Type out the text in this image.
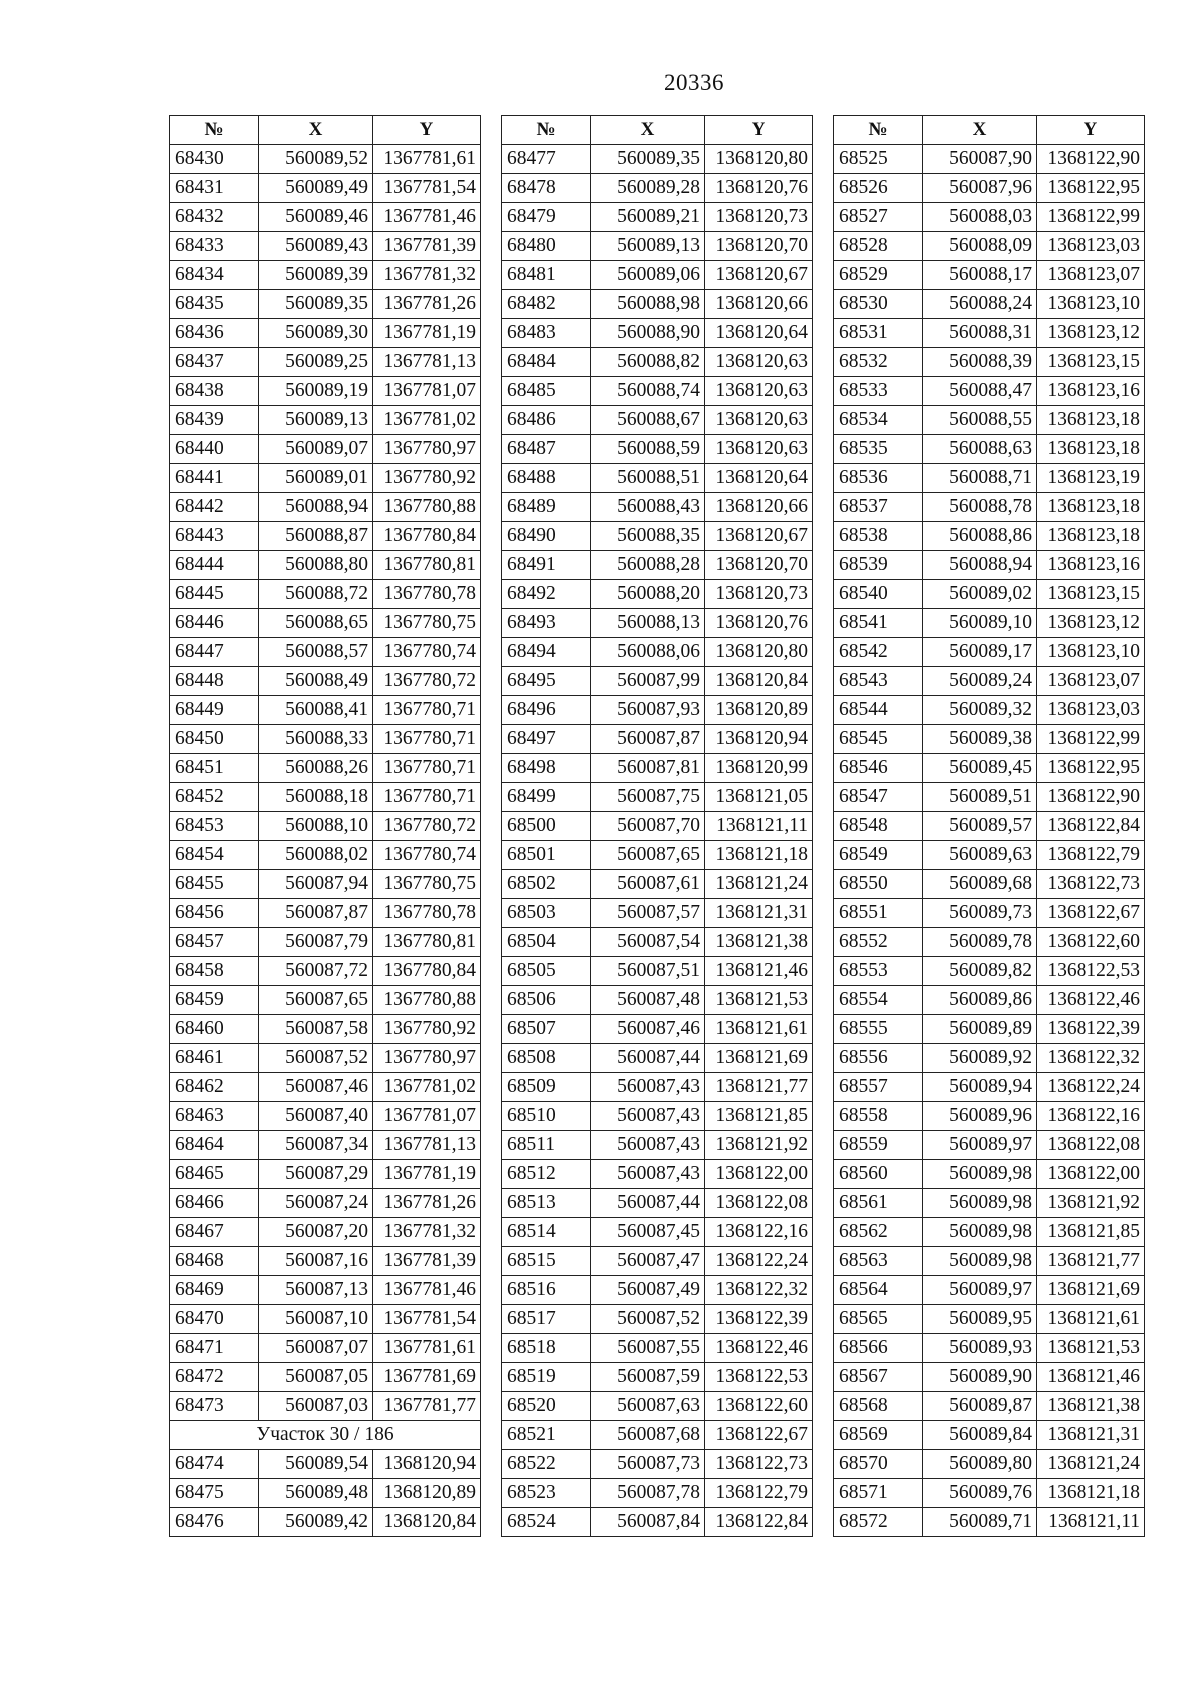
20336
№	X	Y
68430	560089,52	1367781,61
68431	560089,49	1367781,54
68432	560089,46	1367781,46
68433	560089,43	1367781,39
68434	560089,39	1367781,32
68435	560089,35	1367781,26
68436	560089,30	1367781,19
68437	560089,25	1367781,13
68438	560089,19	1367781,07
68439	560089,13	1367781,02
68440	560089,07	1367780,97
68441	560089,01	1367780,92
68442	560088,94	1367780,88
68443	560088,87	1367780,84
68444	560088,80	1367780,81
68445	560088,72	1367780,78
68446	560088,65	1367780,75
68447	560088,57	1367780,74
68448	560088,49	1367780,72
68449	560088,41	1367780,71
68450	560088,33	1367780,71
68451	560088,26	1367780,71
68452	560088,18	1367780,71
68453	560088,10	1367780,72
68454	560088,02	1367780,74
68455	560087,94	1367780,75
68456	560087,87	1367780,78
68457	560087,79	1367780,81
68458	560087,72	1367780,84
68459	560087,65	1367780,88
68460	560087,58	1367780,92
68461	560087,52	1367780,97
68462	560087,46	1367781,02
68463	560087,40	1367781,07
68464	560087,34	1367781,13
68465	560087,29	1367781,19
68466	560087,24	1367781,26
68467	560087,20	1367781,32
68468	560087,16	1367781,39
68469	560087,13	1367781,46
68470	560087,10	1367781,54
68471	560087,07	1367781,61
68472	560087,05	1367781,69
68473	560087,03	1367781,77
Участок 30 / 186		
68474	560089,54	1368120,94
68475	560089,48	1368120,89
68476	560089,42	1368120,84
№	X	Y
68477	560089,35	1368120,80
68478	560089,28	1368120,76
68479	560089,21	1368120,73
68480	560089,13	1368120,70
68481	560089,06	1368120,67
68482	560088,98	1368120,66
68483	560088,90	1368120,64
68484	560088,82	1368120,63
68485	560088,74	1368120,63
68486	560088,67	1368120,63
68487	560088,59	1368120,63
68488	560088,51	1368120,64
68489	560088,43	1368120,66
68490	560088,35	1368120,67
68491	560088,28	1368120,70
68492	560088,20	1368120,73
68493	560088,13	1368120,76
68494	560088,06	1368120,80
68495	560087,99	1368120,84
68496	560087,93	1368120,89
68497	560087,87	1368120,94
68498	560087,81	1368120,99
68499	560087,75	1368121,05
68500	560087,70	1368121,11
68501	560087,65	1368121,18
68502	560087,61	1368121,24
68503	560087,57	1368121,31
68504	560087,54	1368121,38
68505	560087,51	1368121,46
68506	560087,48	1368121,53
68507	560087,46	1368121,61
68508	560087,44	1368121,69
68509	560087,43	1368121,77
68510	560087,43	1368121,85
68511	560087,43	1368121,92
68512	560087,43	1368122,00
68513	560087,44	1368122,08
68514	560087,45	1368122,16
68515	560087,47	1368122,24
68516	560087,49	1368122,32
68517	560087,52	1368122,39
68518	560087,55	1368122,46
68519	560087,59	1368122,53
68520	560087,63	1368122,60
68521	560087,68	1368122,67
68522	560087,73	1368122,73
68523	560087,78	1368122,79
68524	560087,84	1368122,84
№	X	Y
68525	560087,90	1368122,90
68526	560087,96	1368122,95
68527	560088,03	1368122,99
68528	560088,09	1368123,03
68529	560088,17	1368123,07
68530	560088,24	1368123,10
68531	560088,31	1368123,12
68532	560088,39	1368123,15
68533	560088,47	1368123,16
68534	560088,55	1368123,18
68535	560088,63	1368123,18
68536	560088,71	1368123,19
68537	560088,78	1368123,18
68538	560088,86	1368123,18
68539	560088,94	1368123,16
68540	560089,02	1368123,15
68541	560089,10	1368123,12
68542	560089,17	1368123,10
68543	560089,24	1368123,07
68544	560089,32	1368123,03
68545	560089,38	1368122,99
68546	560089,45	1368122,95
68547	560089,51	1368122,90
68548	560089,57	1368122,84
68549	560089,63	1368122,79
68550	560089,68	1368122,73
68551	560089,73	1368122,67
68552	560089,78	1368122,60
68553	560089,82	1368122,53
68554	560089,86	1368122,46
68555	560089,89	1368122,39
68556	560089,92	1368122,32
68557	560089,94	1368122,24
68558	560089,96	1368122,16
68559	560089,97	1368122,08
68560	560089,98	1368122,00
68561	560089,98	1368121,92
68562	560089,98	1368121,85
68563	560089,98	1368121,77
68564	560089,97	1368121,69
68565	560089,95	1368121,61
68566	560089,93	1368121,53
68567	560089,90	1368121,46
68568	560089,87	1368121,38
68569	560089,84	1368121,31
68570	560089,80	1368121,24
68571	560089,76	1368121,18
68572	560089,71	1368121,11
